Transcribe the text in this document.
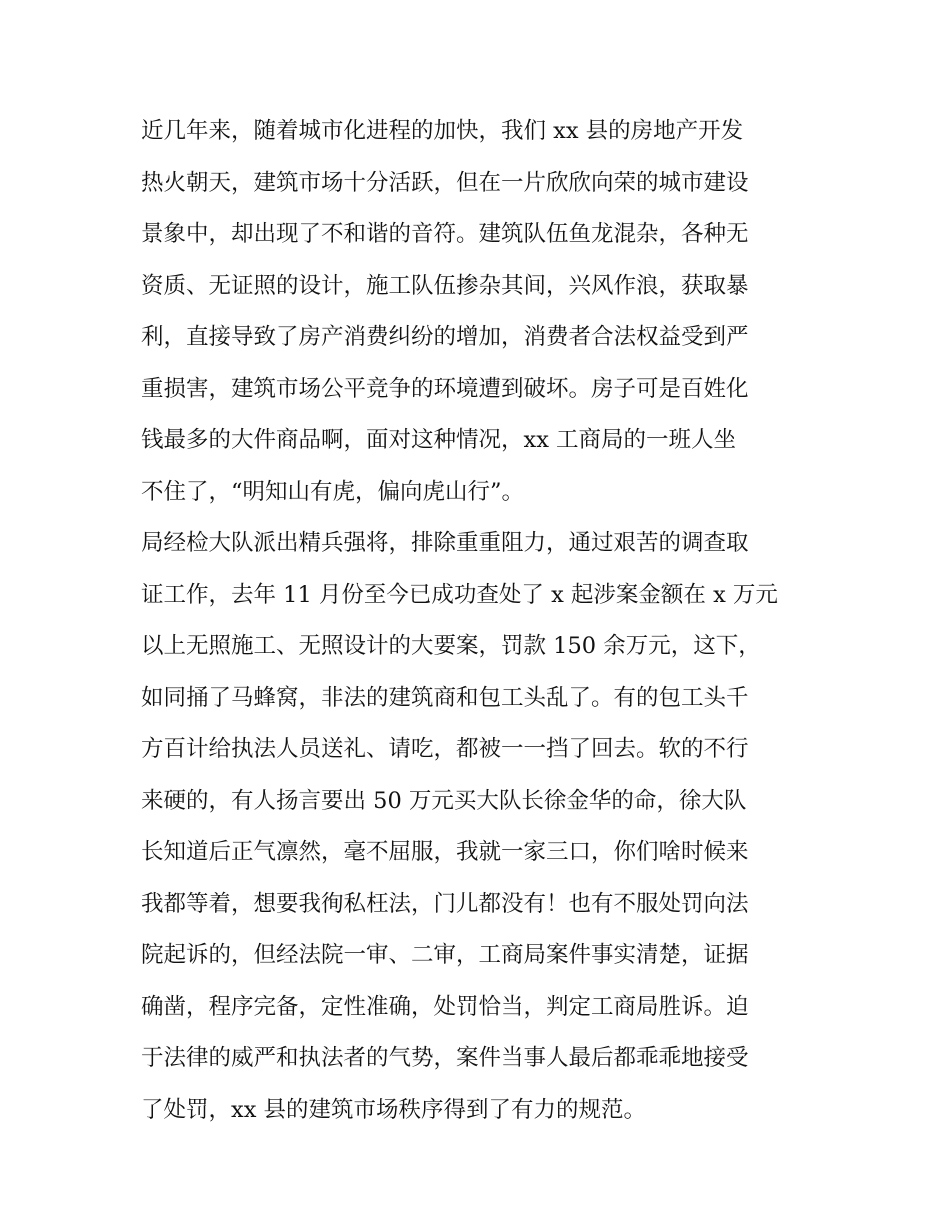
近几年来，随着城市化进程的加快，我们 xx 县的房地产开发
热火朝天，建筑市场十分活跃，但在一片欣欣向荣的城市建设
景象中，却出现了不和谐的音符。建筑队伍鱼龙混杂，各种无
资质、无证照的设计，施工队伍掺杂其间，兴风作浪，获取暴
利，直接导致了房产消费纠纷的增加，消费者合法权益受到严
重损害，建筑市场公平竞争的环境遭到破坏。房子可是百姓化
钱最多的大件商品啊，面对这种情况，xx 工商局的一班人坐
不住了，“明知山有虎，偏向虎山行”。
局经检大队派出精兵强将，排除重重阻力，通过艰苦的调查取
证工作，去年 11 月份至今已成功查处了 x 起涉案金额在 x 万元
以上无照施工、无照设计的大要案，罚款 150 余万元，这下，
如同捅了马蜂窝，非法的建筑商和包工头乱了。有的包工头千
方百计给执法人员送礼、请吃，都被一一挡了回去。软的不行
来硬的，有人扬言要出 50 万元买大队长徐金华的命，徐大队
长知道后正气凛然，毫不屈服，我就一家三口，你们啥时候来
我都等着，想要我徇私枉法，门儿都没有！也有不服处罚向法
院起诉的，但经法院一审、二审，工商局案件事实清楚，证据
确凿，程序完备，定性准确，处罚恰当，判定工商局胜诉。迫
于法律的威严和执法者的气势，案件当事人最后都乖乖地接受
了处罚，xx 县的建筑市场秩序得到了有力的规范。
